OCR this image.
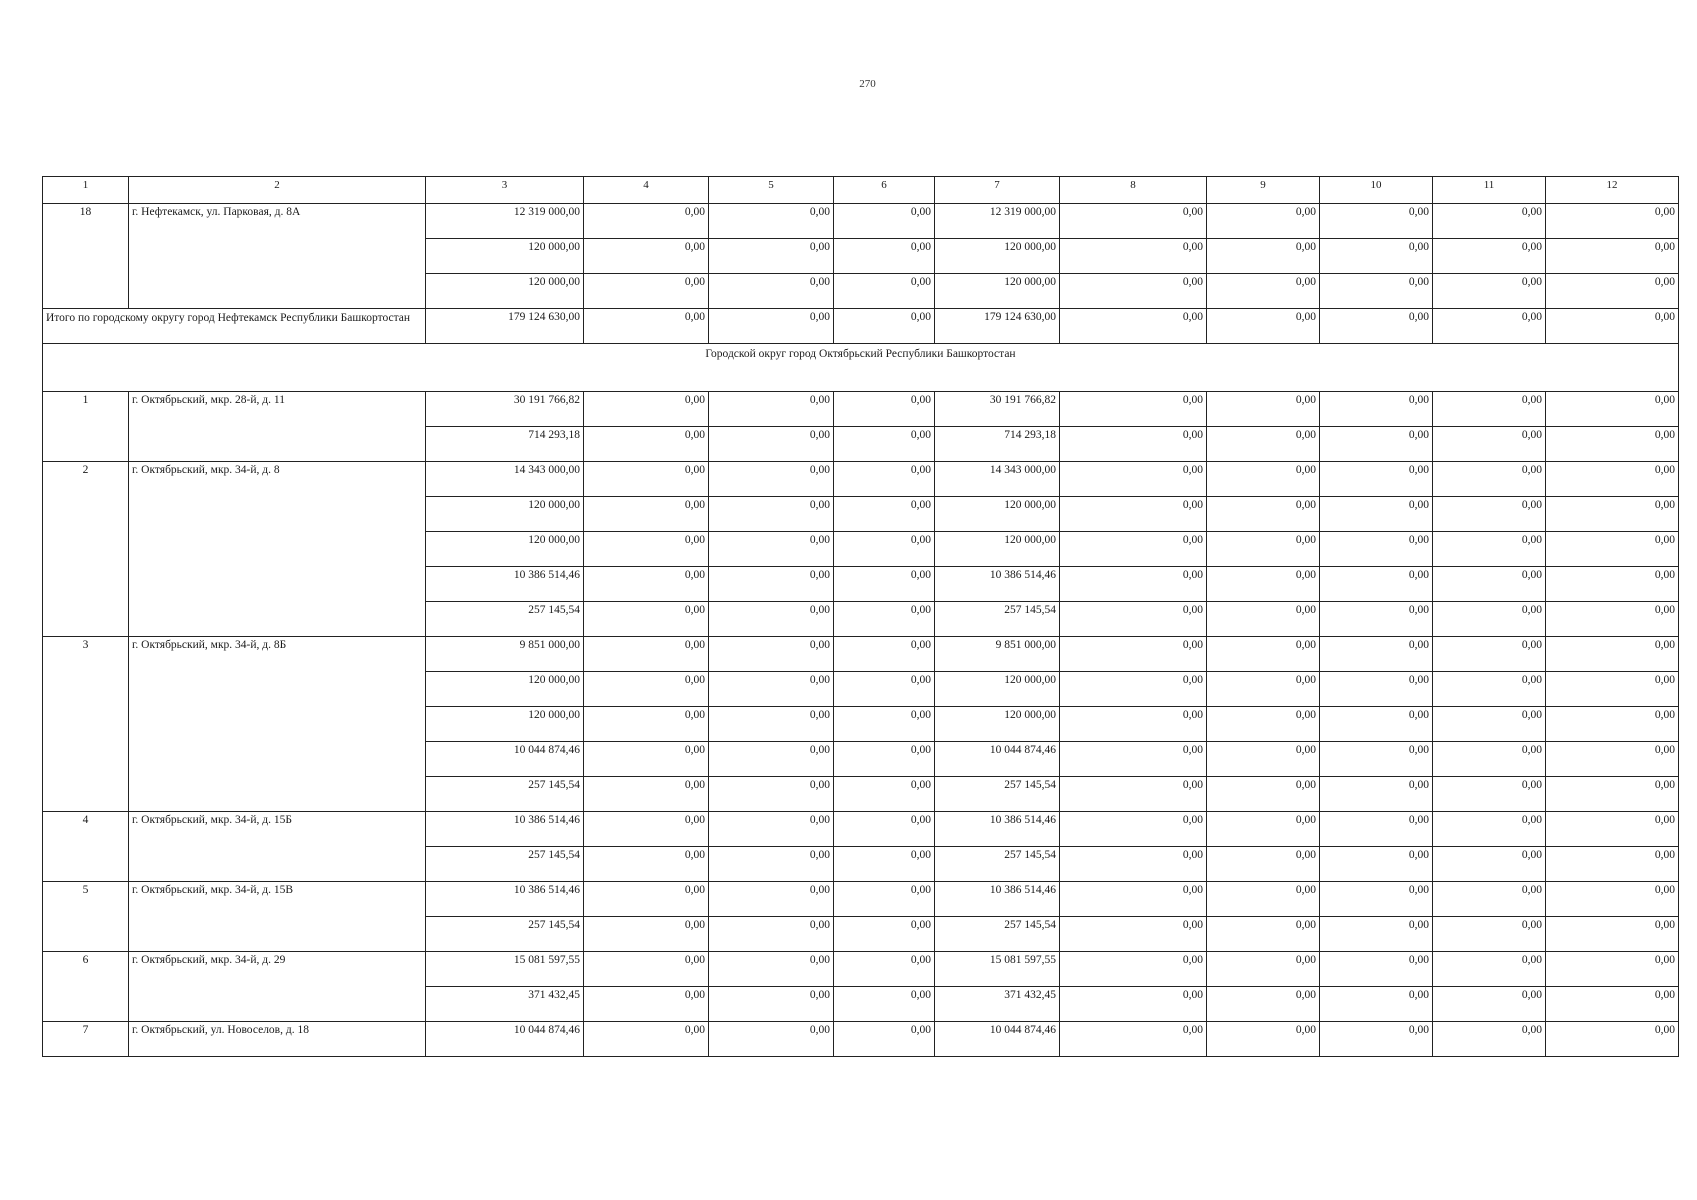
270
1	2	3	4	5	6	7	8	9	10	11	12
18	г. Нефтекамск, ул. Парковая, д. 8А	12 319 000,00	0,00	0,00	0,00	12 319 000,00	0,00	0,00	0,00	0,00	0,00
		120 000,00	0,00	0,00	0,00	120 000,00	0,00	0,00	0,00	0,00	0,00
		120 000,00	0,00	0,00	0,00	120 000,00	0,00	0,00	0,00	0,00	0,00
Итого по городскому округу город Нефтекамск Республики Башкортостан		179 124 630,00	0,00	0,00	0,00	179 124 630,00	0,00	0,00	0,00	0,00	0,00
Городской округ город Октябрьский Республики Башкортостан											
1	г. Октябрьский, мкр. 28-й, д. 11	30 191 766,82	0,00	0,00	0,00	30 191 766,82	0,00	0,00	0,00	0,00	0,00
		714 293,18	0,00	0,00	0,00	714 293,18	0,00	0,00	0,00	0,00	0,00
2	г. Октябрьский, мкр. 34-й, д. 8	14 343 000,00	0,00	0,00	0,00	14 343 000,00	0,00	0,00	0,00	0,00	0,00
		120 000,00	0,00	0,00	0,00	120 000,00	0,00	0,00	0,00	0,00	0,00
		120 000,00	0,00	0,00	0,00	120 000,00	0,00	0,00	0,00	0,00	0,00
		10 386 514,46	0,00	0,00	0,00	10 386 514,46	0,00	0,00	0,00	0,00	0,00
		257 145,54	0,00	0,00	0,00	257 145,54	0,00	0,00	0,00	0,00	0,00
3	г. Октябрьский, мкр. 34-й, д. 8Б	9 851 000,00	0,00	0,00	0,00	9 851 000,00	0,00	0,00	0,00	0,00	0,00
		120 000,00	0,00	0,00	0,00	120 000,00	0,00	0,00	0,00	0,00	0,00
		120 000,00	0,00	0,00	0,00	120 000,00	0,00	0,00	0,00	0,00	0,00
		10 044 874,46	0,00	0,00	0,00	10 044 874,46	0,00	0,00	0,00	0,00	0,00
		257 145,54	0,00	0,00	0,00	257 145,54	0,00	0,00	0,00	0,00	0,00
4	г. Октябрьский, мкр. 34-й, д. 15Б	10 386 514,46	0,00	0,00	0,00	10 386 514,46	0,00	0,00	0,00	0,00	0,00
		257 145,54	0,00	0,00	0,00	257 145,54	0,00	0,00	0,00	0,00	0,00
5	г. Октябрьский, мкр. 34-й, д. 15В	10 386 514,46	0,00	0,00	0,00	10 386 514,46	0,00	0,00	0,00	0,00	0,00
		257 145,54	0,00	0,00	0,00	257 145,54	0,00	0,00	0,00	0,00	0,00
6	г. Октябрьский, мкр. 34-й, д. 29	15 081 597,55	0,00	0,00	0,00	15 081 597,55	0,00	0,00	0,00	0,00	0,00
		371 432,45	0,00	0,00	0,00	371 432,45	0,00	0,00	0,00	0,00	0,00
7	г. Октябрьский, ул. Новоселов, д. 18	10 044 874,46	0,00	0,00	0,00	10 044 874,46	0,00	0,00	0,00	0,00	0,00
